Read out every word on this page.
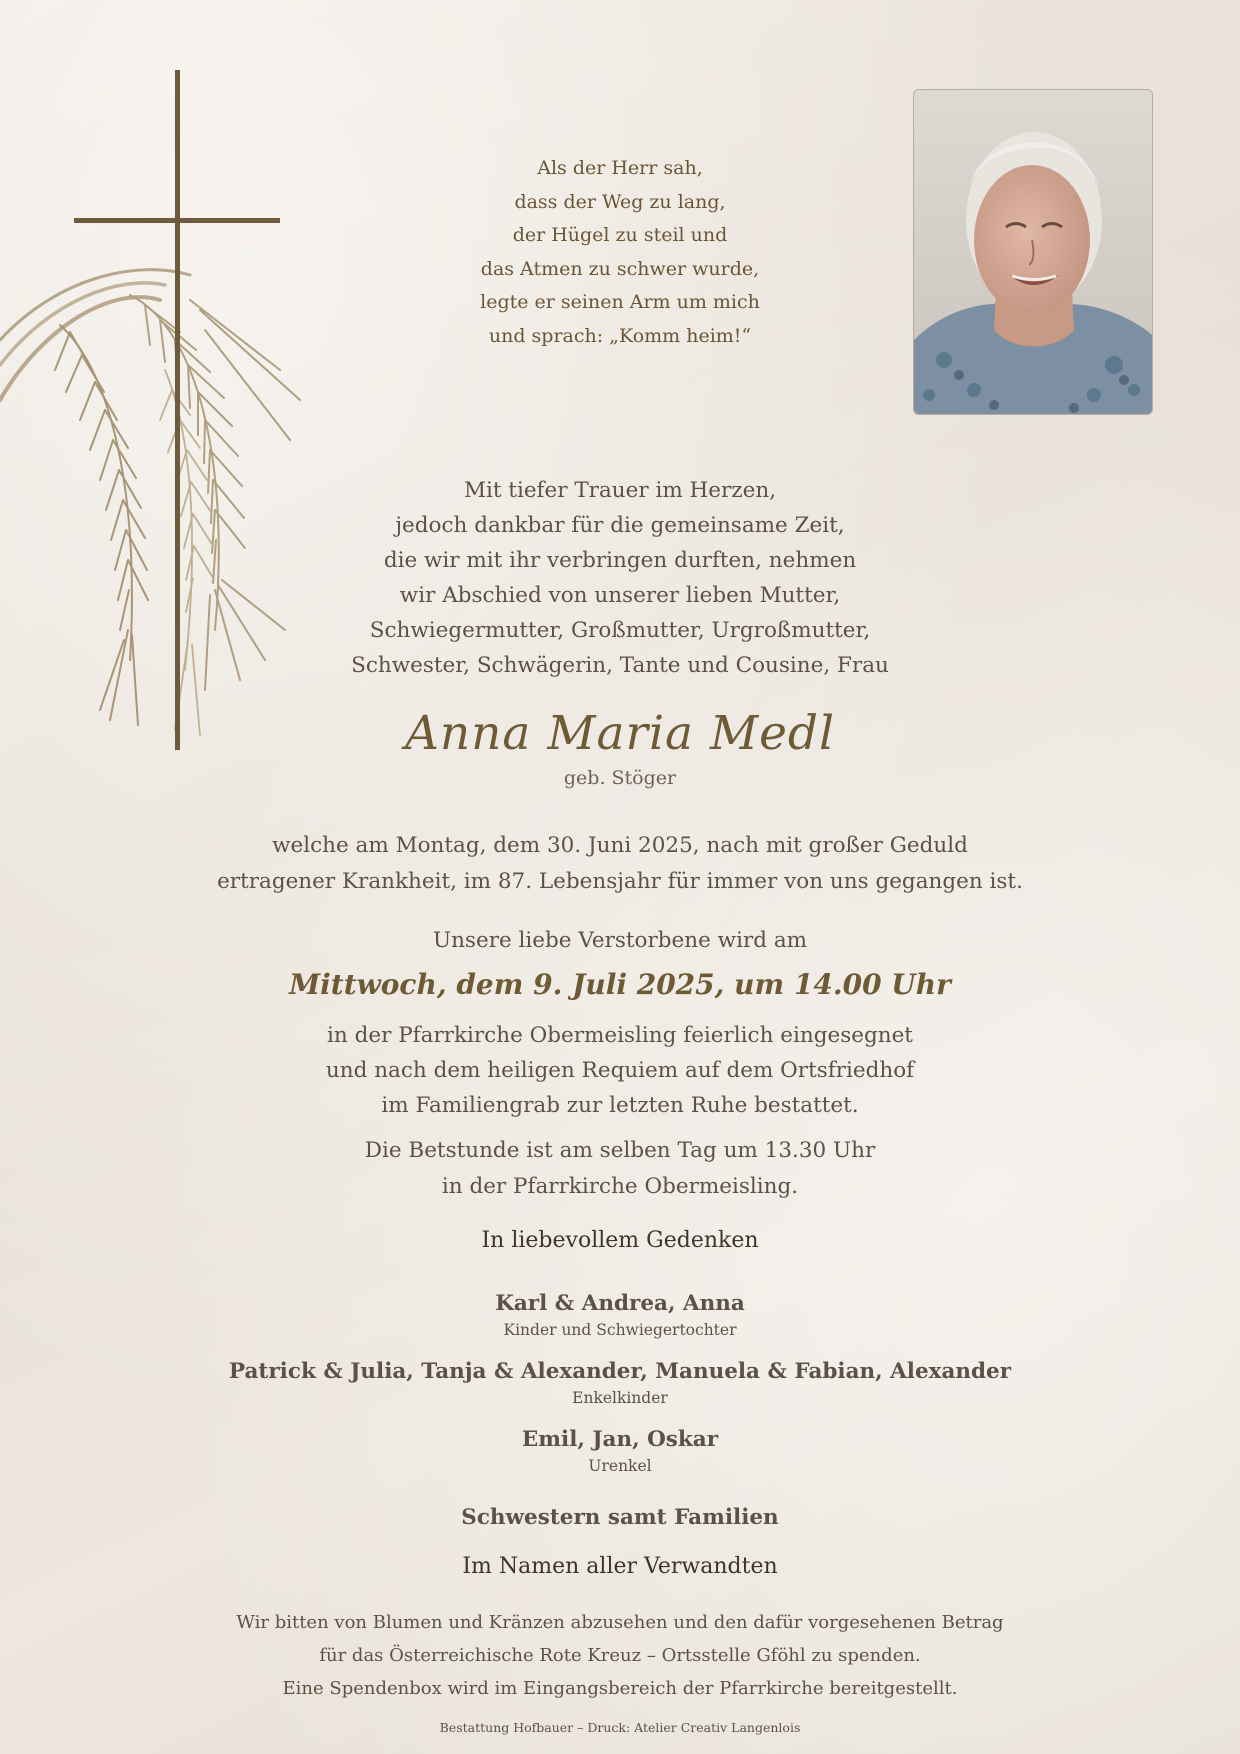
Als der Herr sah,
dass der Weg zu lang,
der Hügel zu steil und
das Atmen zu schwer wurde,
legte er seinen Arm um mich
und sprach: „Komm heim!“
Mit tiefer Trauer im Herzen,
jedoch dankbar für die gemeinsame Zeit,
die wir mit ihr verbringen durften, nehmen
wir Abschied von unserer lieben Mutter,
Schwiegermutter, Großmutter, Urgroßmutter,
Schwester, Schwägerin, Tante und Cousine, Frau
Anna Maria Medl
geb. Stöger
welche am Montag, dem 30. Juni 2025, nach mit großer Geduld
ertragener Krankheit, im 87. Lebensjahr für immer von uns gegangen ist.
Unsere liebe Verstorbene wird am
Mittwoch, dem 9. Juli 2025, um 14.00 Uhr
in der Pfarrkirche Obermeisling feierlich eingesegnet
und nach dem heiligen Requiem auf dem Ortsfriedhof
im Familiengrab zur letzten Ruhe bestattet.
Die Betstunde ist am selben Tag um 13.30 Uhr
in der Pfarrkirche Obermeisling.
In liebevollem Gedenken
Karl & Andrea, Anna
Kinder und Schwiegertochter
Patrick & Julia, Tanja & Alexander, Manuela & Fabian, Alexander
Enkelkinder
Emil, Jan, Oskar
Urenkel
Schwestern samt Familien
Im Namen aller Verwandten
Wir bitten von Blumen und Kränzen abzusehen und den dafür vorgesehenen Betrag
für das Österreichische Rote Kreuz – Ortsstelle Gföhl zu spenden.
Eine Spendenbox wird im Eingangsbereich der Pfarrkirche bereitgestellt.
Bestattung Hofbauer – Druck: Atelier Creativ Langenlois
